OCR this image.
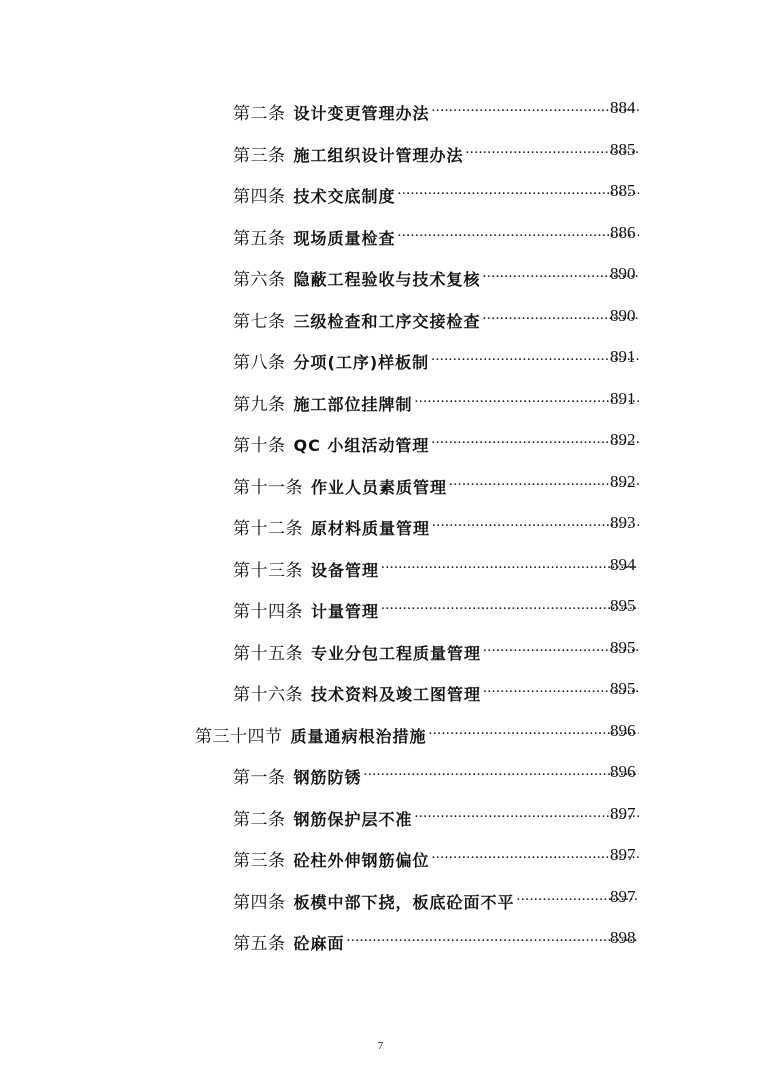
第二条 设计变更管理办法 .....	884
第三条 施工组织设计管理办法 .....	885
第四条 技术交底制度 .....	885
第五条 现场质量检查 .....	886
第六条 隐蔽工程验收与技术复核 .....	890
第七条 三级检查和工序交接检查 .....	890
第八条 分项(工序)样板制 .....	891
第九条 施工部位挂牌制 .....	891
第十条 QC 小组活动管理 .....	892
第十一条 作业人员素质管理 .....	892
第十二条 原材料质量管理 .....	893
第十三条 设备管理 .....	894
第十四条 计量管理 .....	895
第十五条 专业分包工程质量管理 .....	895
第十六条 技术资料及竣工图管理 .....	895
第三十四节 质量通病根治措施 .....	896
第一条 钢筋防锈 .....	896
第二条 钢筋保护层不准 .....	897
第三条 砼柱外伸钢筋偏位 .....	897
第四条 板模中部下挠，板底砼面不平 .....	897
第五条 砼麻面 .....	898
7
